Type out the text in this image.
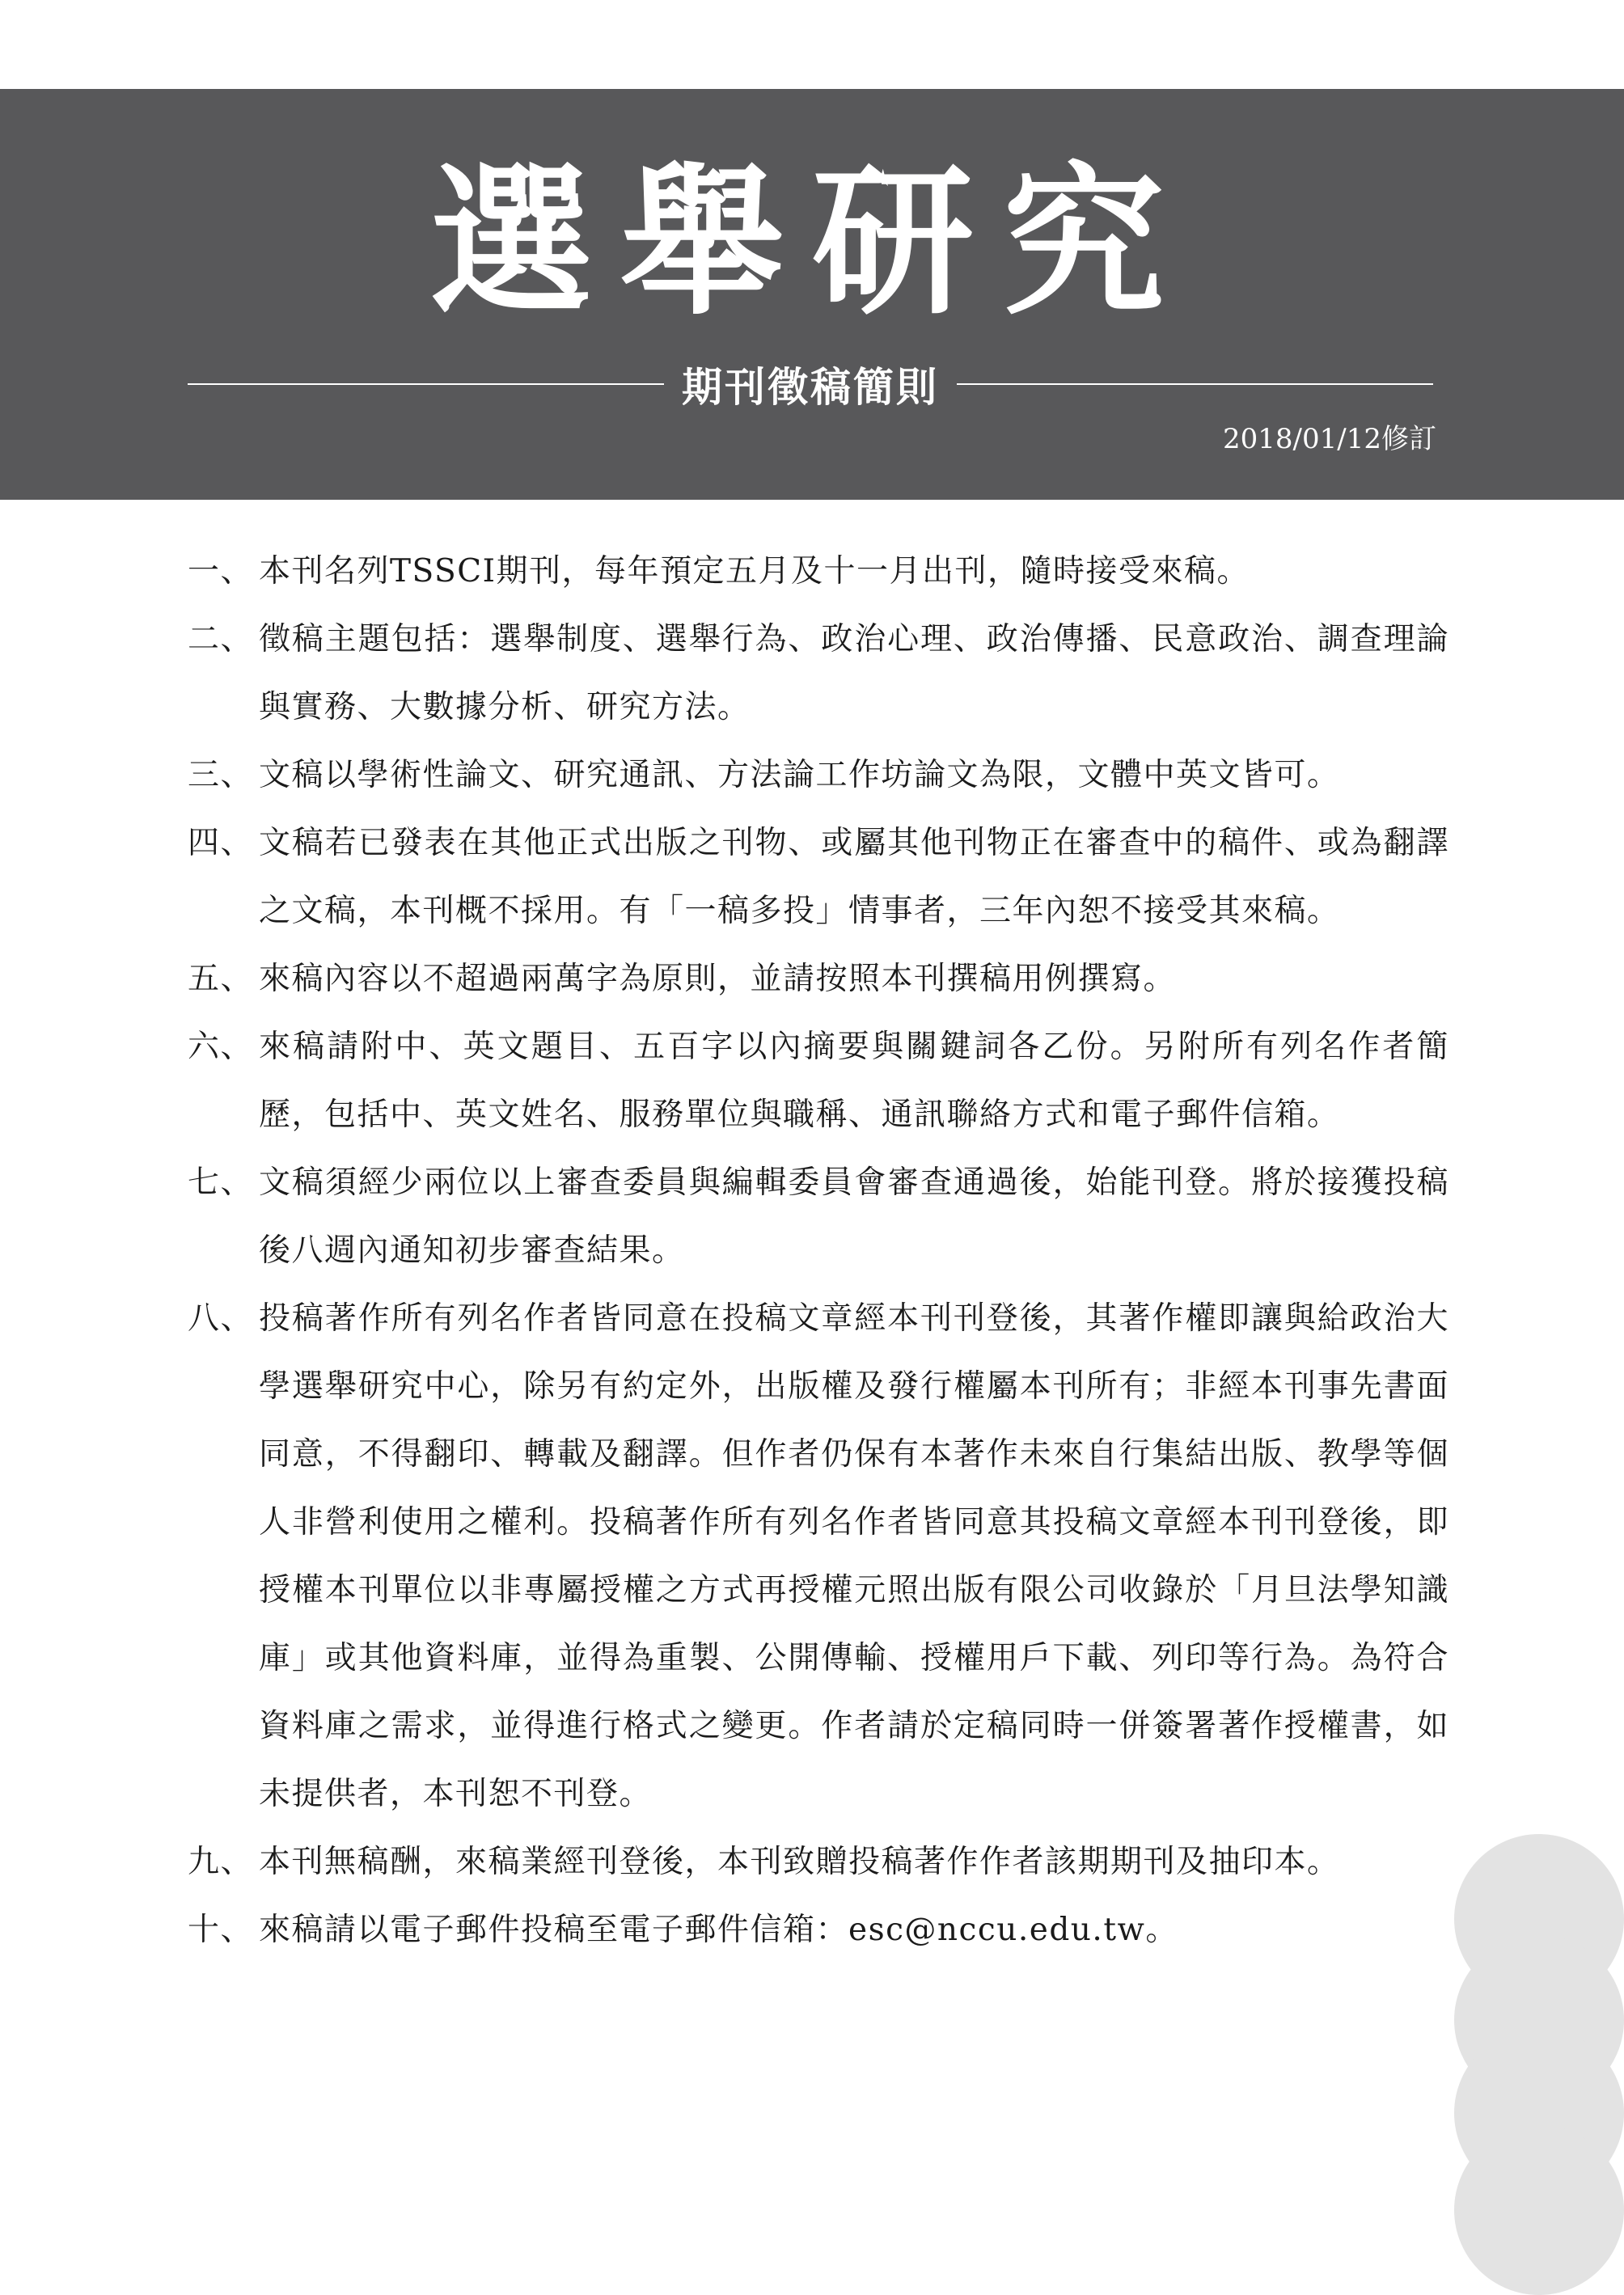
選舉研究
期刊徵稿簡則
2018/01/12修訂
一、 本刊名列TSSCI期刊，每年預定五月及十一月出刊，隨時接受來稿。
二、 徵稿主題包括：選舉制度、選舉行為、政治心理、政治傳播、民意政治、調查理論與實務、大數據分析、研究方法。
三、 文稿以學術性論文、研究通訊、方法論工作坊論文為限，文體中英文皆可。
四、 文稿若已發表在其他正式出版之刊物、或屬其他刊物正在審查中的稿件、或為翻譯之文稿，本刊概不採用。有「一稿多投」情事者，三年內恕不接受其來稿。
五、 來稿內容以不超過兩萬字為原則，並請按照本刊撰稿用例撰寫。
六、 來稿請附中、英文題目、五百字以內摘要與關鍵詞各乙份。另附所有列名作者簡歷，包括中、英文姓名、服務單位與職稱、通訊聯絡方式和電子郵件信箱。
七、 文稿須經少兩位以上審查委員與編輯委員會審查通過後，始能刊登。將於接獲投稿後八週內通知初步審查結果。
八、 投稿著作所有列名作者皆同意在投稿文章經本刊刊登後，其著作權即讓與給政治大學選舉研究中心，除另有約定外，出版權及發行權屬本刊所有；非經本刊事先書面同意，不得翻印、轉載及翻譯。但作者仍保有本著作未來自行集結出版、教學等個人非營利使用之權利。投稿著作所有列名作者皆同意其投稿文章經本刊刊登後，即授權本刊單位以非專屬授權之方式再授權元照出版有限公司收錄於「月旦法學知識庫」或其他資料庫，並得為重製、公開傳輸、授權用戶下載、列印等行為。為符合資料庫之需求，並得進行格式之變更。作者請於定稿同時一併簽署著作授權書，如未提供者，本刊恕不刊登。
九、 本刊無稿酬，來稿業經刊登後，本刊致贈投稿著作作者該期期刊及抽印本。
十、 來稿請以電子郵件投稿至電子郵件信箱：esc@nccu.edu.tw。
